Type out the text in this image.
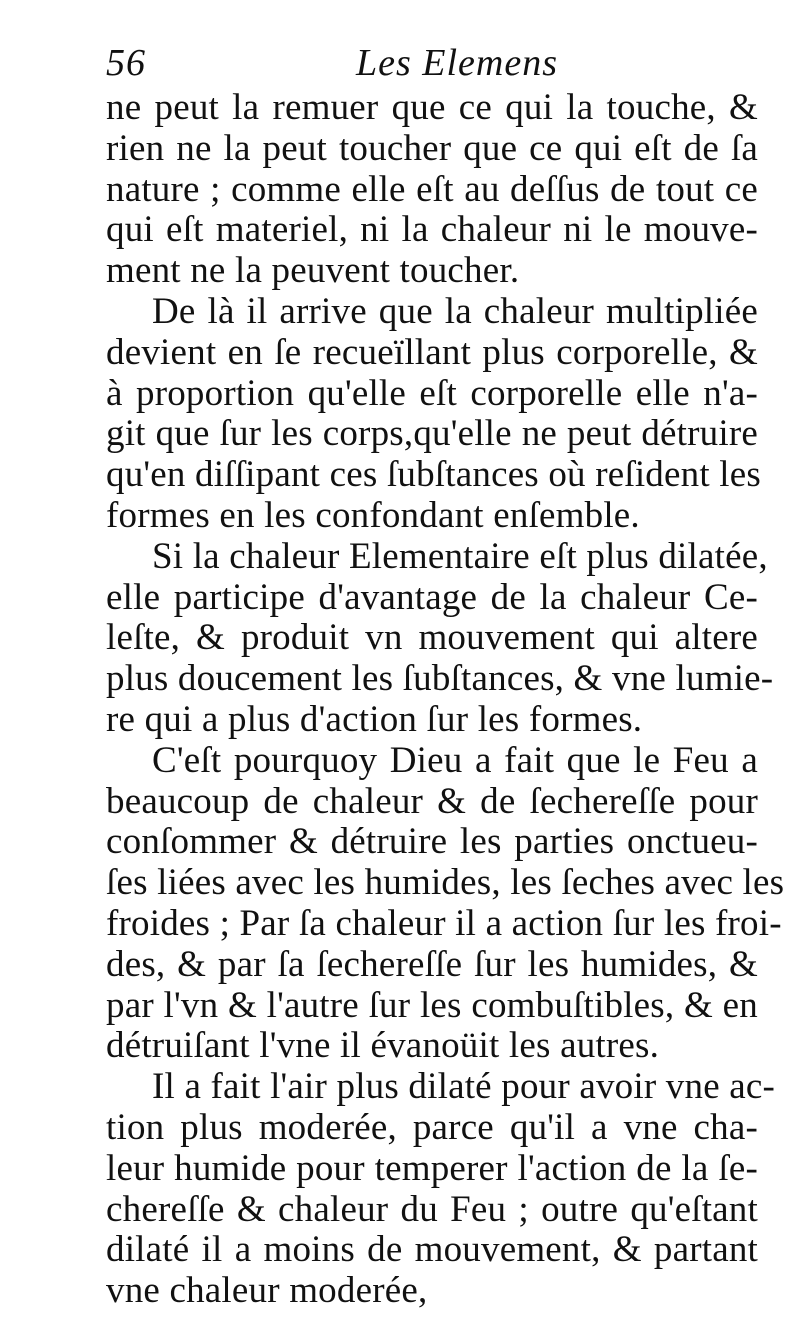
56	Les Elemens
ne peut la remuer que ce qui la touche, &
rien ne la peut toucher que ce qui eſt de ſa
nature ; comme elle eſt au deſſus de tout ce
qui eſt materiel, ni la chaleur ni le mouve-
ment ne la peuvent toucher.
De là il arrive que la chaleur multipliée
devient en ſe recueïllant plus corporelle, &
à proportion qu'elle eſt corporelle elle n'a-
git que ſur les corps,qu'elle ne peut détruire
qu'en diſſipant ces ſubſtances où reſident les
formes en les confondant enſemble.
Si la chaleur Elementaire eſt plus dilatée,
elle participe d'avantage de la chaleur Ce-
leſte, & produit vn mouvement qui altere
plus doucement les ſubſtances, & vne lumie-
re qui a plus d'action ſur les formes.
C'eſt pourquoy Dieu a fait que le Feu a
beaucoup de chaleur & de ſechereſſe pour
conſommer & détruire les parties onctueu-
ſes liées avec les humides, les ſeches avec les
froides ; Par ſa chaleur il a action ſur les froi-
des, & par ſa ſechereſſe ſur les humides, &
par l'vn & l'autre ſur les combuſtibles, & en
détruiſant l'vne il évanoüit les autres.
Il a fait l'air plus dilaté pour avoir vne ac-
tion plus moderée, parce qu'il a vne cha-
leur humide pour temperer l'action de la ſe-
chereſſe & chaleur du Feu ; outre qu'eſtant
dilaté il a moins de mouvement, & partant
vne chaleur moderée,
